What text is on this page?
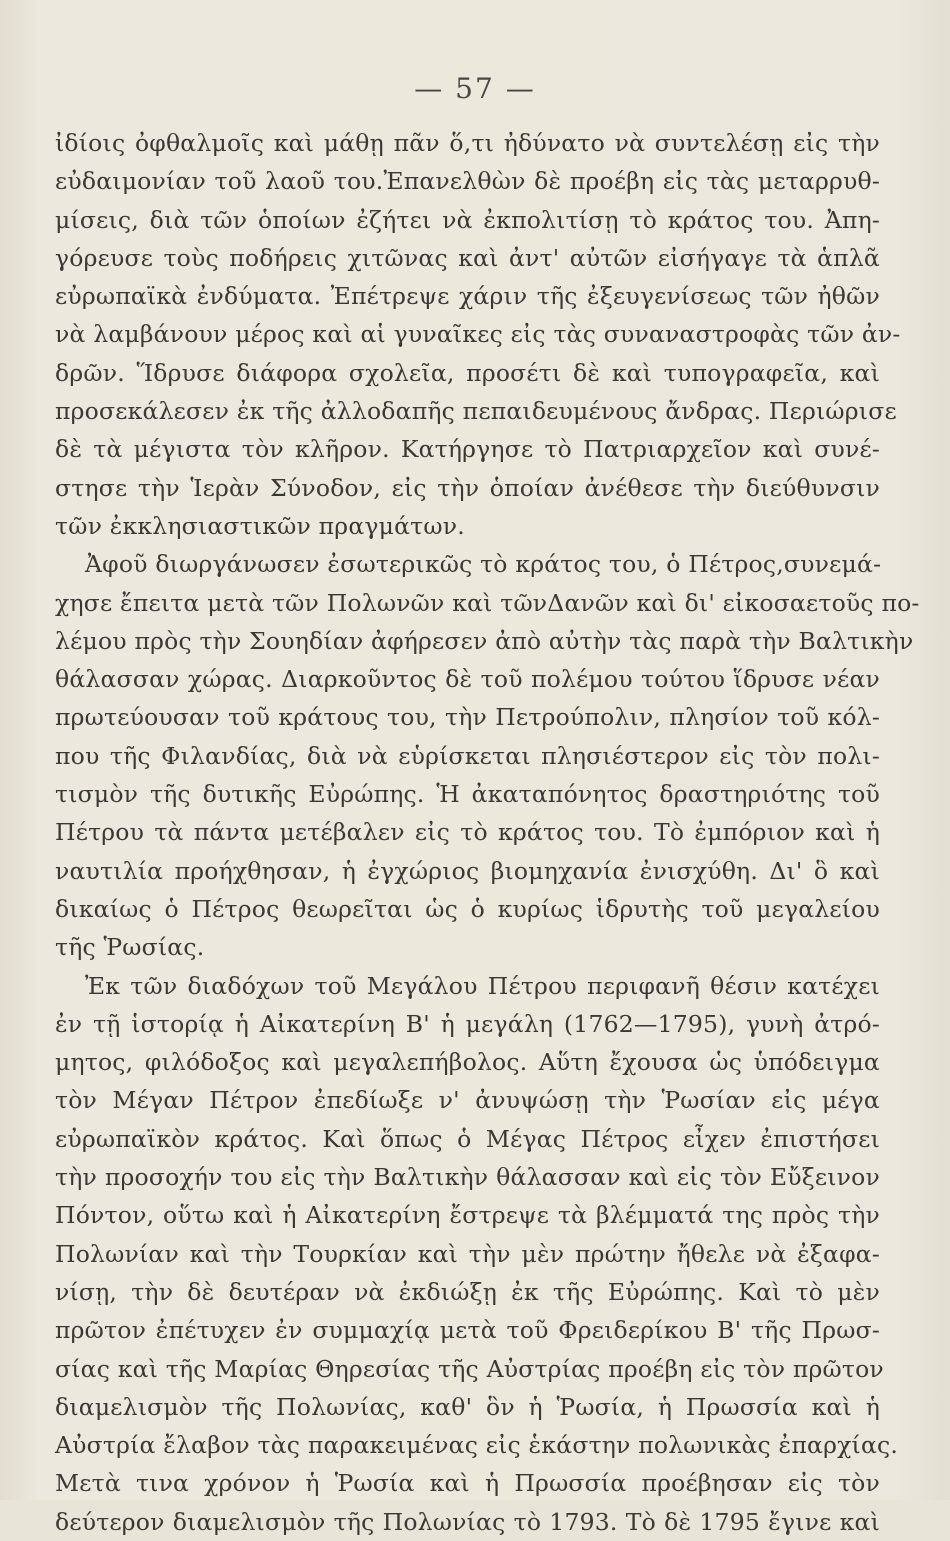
— 57 —
ἰδίοις ὀφθαλμοῖς καὶ μάθῃ πᾶν ὅ,τι ἠδύνατο νὰ συντελέσῃ εἰς τὴν
εὐδαιμονίαν τοῦ λαοῦ του.Ἐπανελθὼν δὲ προέβη εἰς τὰς μεταρρυθ-
μίσεις, διὰ τῶν ὁποίων ἐζήτει νὰ ἐκπολιτίσῃ τὸ κράτος του. Ἀπη-
γόρευσε τοὺς ποδήρεις χιτῶνας καὶ ἀντ' αὐτῶν εἰσήγαγε τὰ ἁπλᾶ
εὐρωπαϊκὰ ἐνδύματα. Ἐπέτρεψε χάριν τῆς ἐξευγενίσεως τῶν ἠθῶν
νὰ λαμβάνουν μέρος καὶ αἱ γυναῖκες εἰς τὰς συναναστροφὰς τῶν ἀν-
δρῶν. Ἵδρυσε διάφορα σχολεῖα, προσέτι δὲ καὶ τυπογραφεῖα, καὶ
προσεκάλεσεν ἐκ τῆς ἀλλοδαπῆς πεπαιδευμένους ἄνδρας. Περιώρισε
δὲ τὰ μέγιστα τὸν κλῆρον. Κατήργησε τὸ Πατριαρχεῖον καὶ συνέ-
στησε τὴν Ἱερὰν Σύνοδον, εἰς τὴν ὁποίαν ἀνέθεσε τὴν διεύθυνσιν
τῶν ἐκκλησιαστικῶν πραγμάτων.
Ἀφοῦ διωργάνωσεν ἐσωτερικῶς τὸ κράτος του, ὁ Πέτρος,συνεμά-
χησε ἔπειτα μετὰ τῶν Πολωνῶν καὶ τῶνΔανῶν καὶ δι' εἰκοσαετοῦς πο-
λέμου πρὸς τὴν Σουηδίαν ἀφήρεσεν ἀπὸ αὐτὴν τὰς παρὰ τὴν Βαλτικὴν
θάλασσαν χώρας. Διαρκοῦντος δὲ τοῦ πολέμου τούτου ἵδρυσε νέαν
πρωτεύουσαν τοῦ κράτους του, τὴν Πετρούπολιν, πλησίον τοῦ κόλ-
που τῆς Φιλανδίας, διὰ νὰ εὑρίσκεται πλησιέστερον εἰς τὸν πολι-
τισμὸν τῆς δυτικῆς Εὐρώπης. Ἡ ἀκαταπόνητος δραστηριότης τοῦ
Πέτρου τὰ πάντα μετέβαλεν εἰς τὸ κράτος του. Τὸ ἐμπόριον καὶ ἡ
ναυτιλία προήχθησαν, ἡ ἐγχώριος βιομηχανία ἐνισχύθη. Δι' ὃ καὶ
δικαίως ὁ Πέτρος θεωρεῖται ὡς ὁ κυρίως ἱδρυτὴς τοῦ μεγαλείου
τῆς Ῥωσίας.
Ἐκ τῶν διαδόχων τοῦ Μεγάλου Πέτρου περιφανῆ θέσιν κατέχει
ἐν τῇ ἱστορίᾳ ἡ Αἰκατερίνη Β' ἡ μεγάλη (1762—1795), γυνὴ ἀτρό-
μητος, φιλόδοξος καὶ μεγαλεπήβολος. Αὕτη ἔχουσα ὡς ὑπόδειγμα
τὸν Μέγαν Πέτρον ἐπεδίωξε ν' ἀνυψώσῃ τὴν Ῥωσίαν εἰς μέγα
εὐρωπαϊκὸν κράτος. Καὶ ὅπως ὁ Μέγας Πέτρος εἶχεν ἐπιστήσει
τὴν προσοχήν του εἰς τὴν Βαλτικὴν θάλασσαν καὶ εἰς τὸν Εὔξεινον
Πόντον, οὕτω καὶ ἡ Αἰκατερίνη ἔστρεψε τὰ βλέμματά της πρὸς τὴν
Πολωνίαν καὶ τὴν Τουρκίαν καὶ τὴν μὲν πρώτην ἤθελε νὰ ἐξαφα-
νίσῃ, τὴν δὲ δευτέραν νὰ ἐκδιώξῃ ἐκ τῆς Εὐρώπης. Καὶ τὸ μὲν
πρῶτον ἐπέτυχεν ἐν συμμαχίᾳ μετὰ τοῦ Φρειδερίκου Β' τῆς Πρωσ-
σίας καὶ τῆς Μαρίας Θηρεσίας τῆς Αὐστρίας προέβη εἰς τὸν πρῶτον
διαμελισμὸν τῆς Πολωνίας, καθ' ὃν ἡ Ῥωσία, ἡ Πρωσσία καὶ ἡ
Αὐστρία ἔλαβον τὰς παρακειμένας εἰς ἑκάστην πολωνικὰς ἐπαρχίας.
Μετὰ τινα χρόνον ἡ Ῥωσία καὶ ἡ Πρωσσία προέβησαν εἰς τὸν
δεύτερον διαμελισμὸν τῆς Πολωνίας τὸ 1793. Τὸ δὲ 1795 ἔγινε καὶ
